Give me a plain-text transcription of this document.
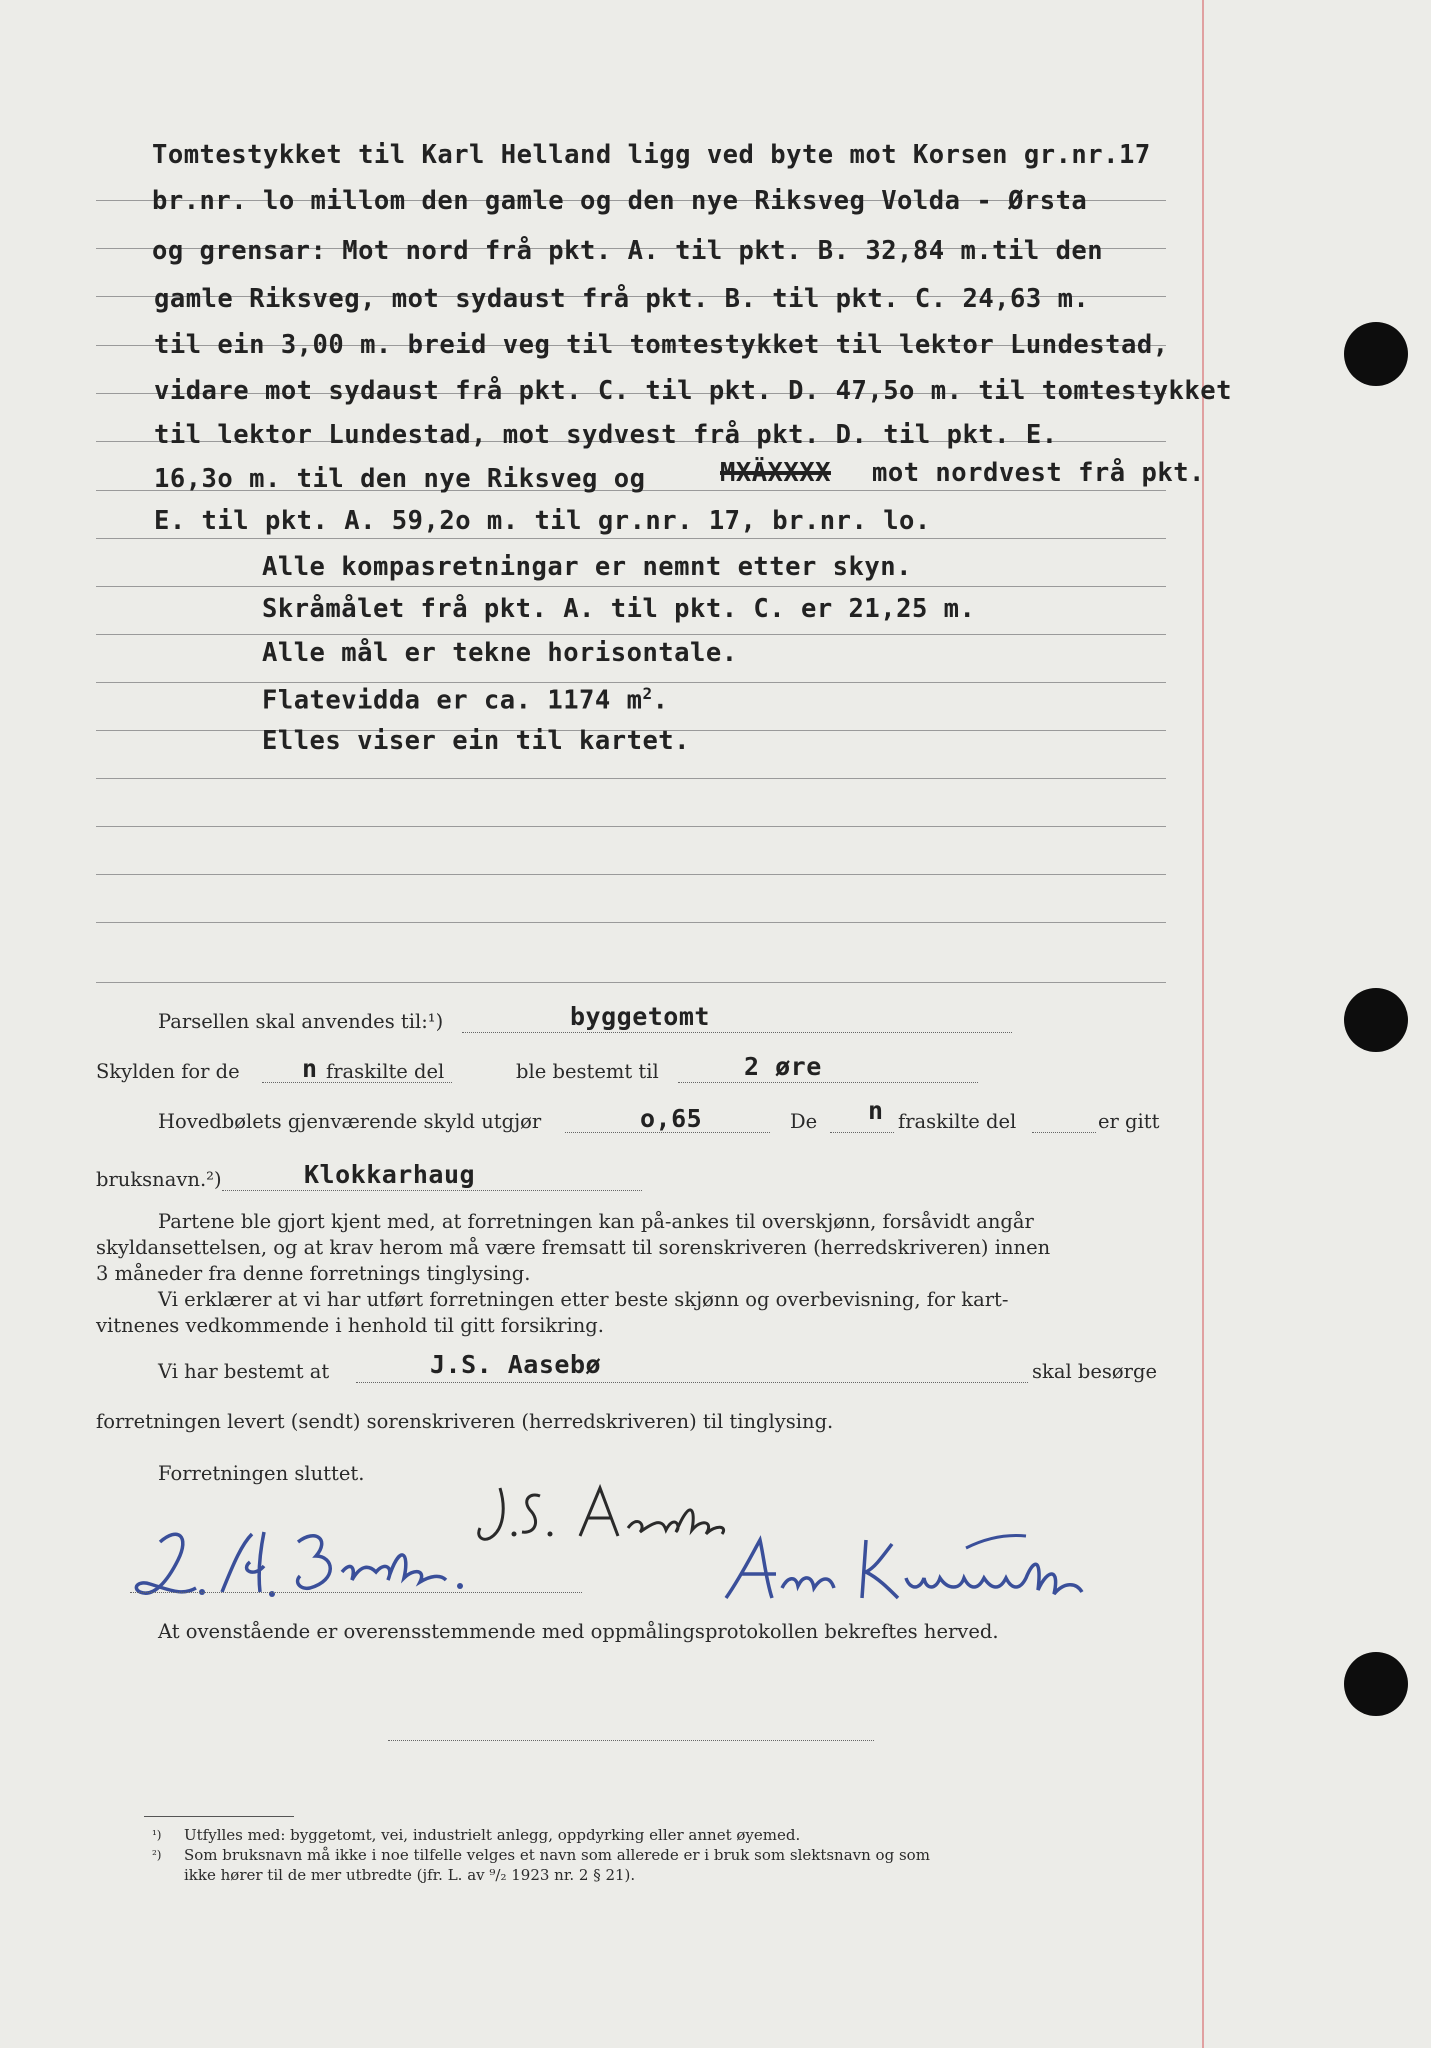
Tomtestykket til Karl Helland ligg ved byte mot Korsen gr.nr.17
br.nr. lo millom den gamle og den nye Riksveg Volda - Ørsta
og grensar: Mot nord frå pkt. A. til pkt. B. 32,84 m.til den
gamle Riksveg, mot sydaust frå pkt. B. til pkt. C. 24,63 m.
til ein 3,00 m. breid veg til tomtestykket til lektor Lundestad,
vidare mot sydaust frå pkt. C. til pkt. D. 47,5o m. til tomtestykket
til lektor Lundestad, mot sydvest frå pkt. D. til pkt. E.
16,3o m. til den nye Riksveg og	MXÄXXXX mot nordvest frå pkt.
E. til pkt. A. 59,2o m. til gr.nr. 17, br.nr. lo.
Alle kompasretningar er nemnt etter skyn.
Skråmålet frå pkt. A. til pkt. C. er 21,25 m.
Alle mål er tekne horisontale.
Flatevidda er ca. 1174 $m^2$.
Elles viser ein til kartet.
Parsellen skal anvendes til:¹)	byggetomt
Skylden for de n fraskilte del	ble bestemt til	2 øre
Hovedbølets gjenværende skyld utgjør	o,65	De n fraskilte del	er gitt
bruksnavn.²)	Klokkarhaug
Partene ble gjort kjent med, at forretningen kan på-ankes til overskjønn, forsåvidt angår
skyldansettelsen, og at krav herom må være fremsatt til sorenskriveren (herredskriveren) innen
3 måneder fra denne forretnings tinglysing.
Vi erklærer at vi har utført forretningen etter beste skjønn og overbevisning, for kart-
vitnenes vedkommende i henhold til gitt forsikring.
Vi har bestemt at	J.S. Aasebø	skal besørge
forretningen levert (sendt) sorenskriveren (herredskriveren) til tinglysing.
Forretningen sluttet.
At ovenstående er overensstemmende med oppmålingsprotokollen bekreftes herved.
¹) Utfylles med: byggetomt, vei, industrielt anlegg, oppdyrking eller annet øyemed.
²) Som bruksnavn må ikke i noe tilfelle velges et navn som allerede er i bruk som slektsnavn og som
ikke hører til de mer utbredte (jfr. L. av ⁹/₂ 1923 nr. 2 § 21).
